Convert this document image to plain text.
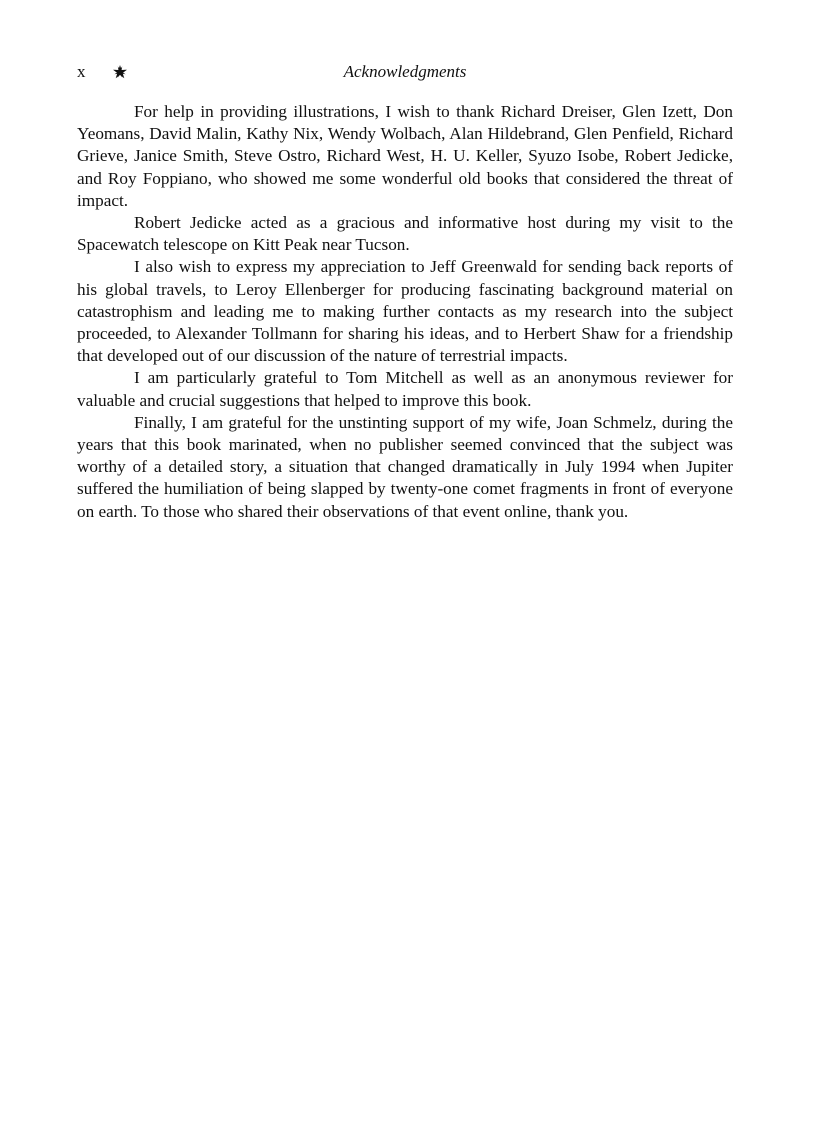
x	Acknowledgments

For help in providing illustrations, I wish to thank Richard Dreiser, Glen Izett, Don Yeomans, David Malin, Kathy Nix, Wendy Wolbach, Alan Hildebrand, Glen Penfield, Richard Grieve, Janice Smith, Steve Ostro, Richard West, H. U. Keller, Syuzo Isobe, Robert Jedicke, and Roy Foppiano, who showed me some wonderful old books that considered the threat of impact.

Robert Jedicke acted as a gracious and informative host during my visit to the Spacewatch telescope on Kitt Peak near Tucson.

I also wish to express my appreciation to Jeff Greenwald for sending back reports of his global travels, to Leroy Ellenberger for producing fascinating background material on catastrophism and leading me to making further contacts as my research into the subject proceeded, to Alexander Tollmann for sharing his ideas, and to Herbert Shaw for a friendship that developed out of our discussion of the nature of terrestrial impacts.

I am particularly grateful to Tom Mitchell as well as an anonymous reviewer for valuable and crucial suggestions that helped to improve this book.

Finally, I am grateful for the unstinting support of my wife, Joan Schmelz, during the years that this book marinated, when no publisher seemed convinced that the subject was worthy of a detailed story, a situation that changed dramatically in July 1994 when Jupiter suffered the humiliation of being slapped by twenty-one comet fragments in front of everyone on earth. To those who shared their observations of that event online, thank you.
